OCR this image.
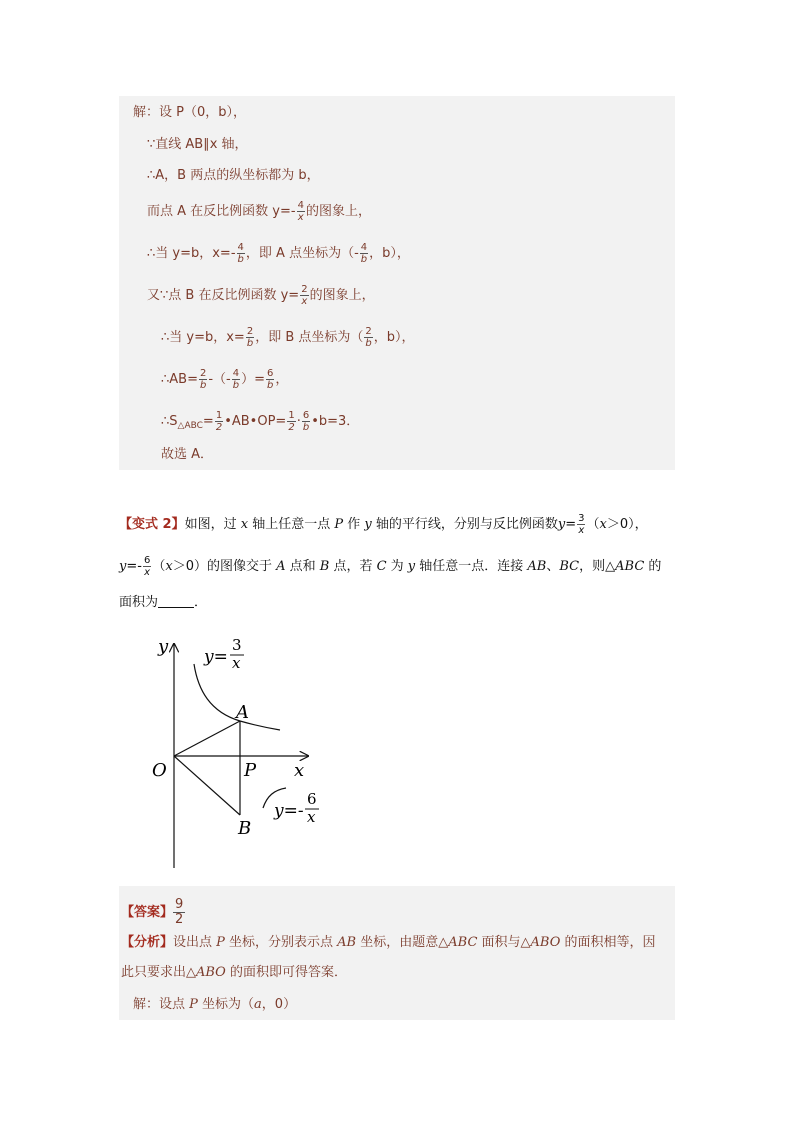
解：设 P（0，b），
∵直线 AB∥x 轴，
∴A，B 两点的纵坐标都为 b，
而点 A 在反比例函数 $y=- \frac{4}{x}$ 的图象上，
∴当 y=b，$x=- \frac{4}{b}$ ，即 A 点坐标为（- $\frac{4}{b}$ ，b），
又∵点 B 在反比例函数 $y= \frac{2}{x}$ 的图象上，
∴当 y=b，$x= \frac{2}{b}$ ，即 B 点坐标为（ $\frac{2}{b}$ ，b），
∴AB= $\frac{2}{b}$ -（- $\frac{4}{b}$ ）= $\frac{6}{b}$ ，
$\therefore S_{\triangle ABC}= \frac{1}{2}$ •AB•OP= $\frac{1}{2} \cdot \frac{6}{b}$ •b=3．
故选 A．
【变式 2】如图，过 x 轴上任意一点 P 作 y 轴的平行线，分别与反比例函数$y= \frac{3}{x} (x>0)$，
$y=- \frac{6}{x} (x>0)$的图像交于 A 点和 B 点，若 C 为 y 轴任意一点．连接 AB、BC，则△ABC 的
面积为	．
y
x
O
A
P
B
y=
3
x
y=-
6
x
【答案】 $\frac{9}{2}$
【分析】设出点 P 坐标，分别表示点 AB 坐标，由题意△ABC 面积与△ABO 的面积相等，因
此只要求出△ABO 的面积即可得答案．
解：设点 P 坐标为（a，0）
